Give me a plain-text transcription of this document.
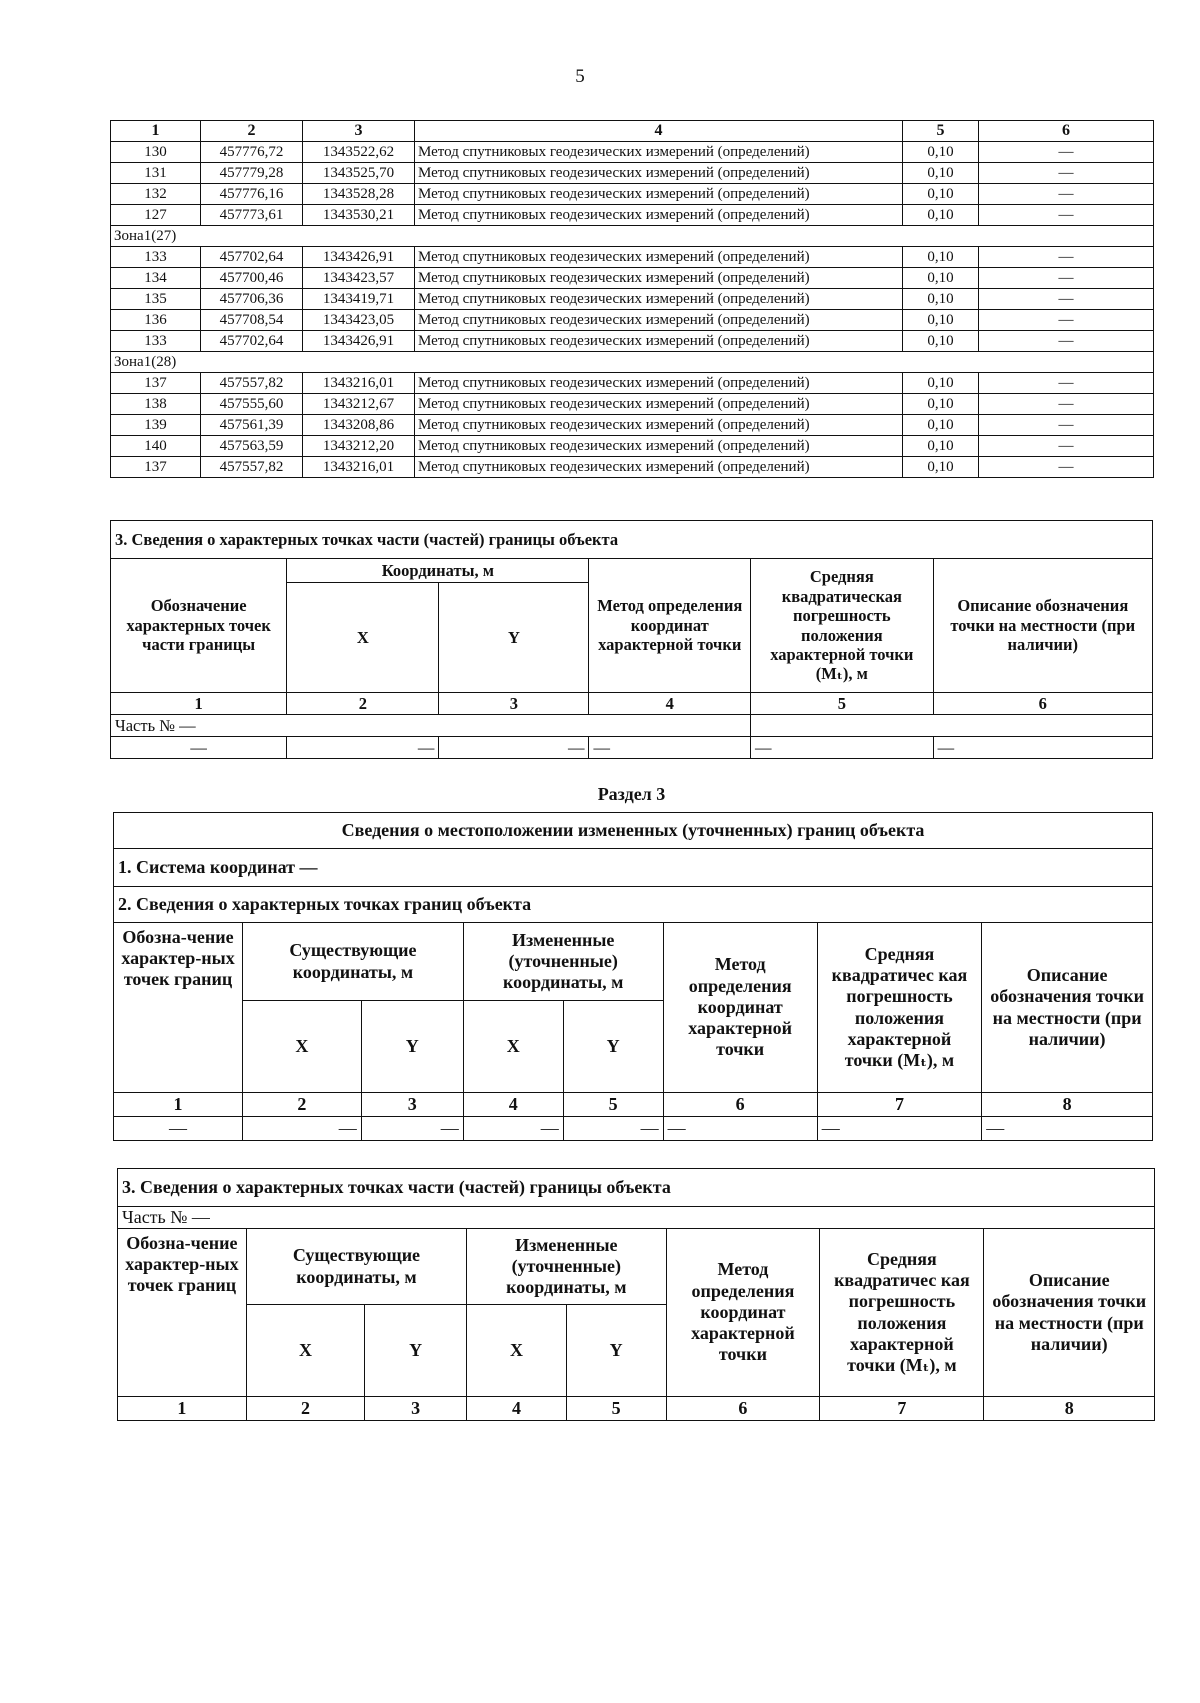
5
1	2	3	4	5	6
130	457776,72	1343522,62	Метод спутниковых геодезических измерений (определений)	0,10	—
131	457779,28	1343525,70	Метод спутниковых геодезических измерений (определений)	0,10	—
132	457776,16	1343528,28	Метод спутниковых геодезических измерений (определений)	0,10	—
127	457773,61	1343530,21	Метод спутниковых геодезических измерений (определений)	0,10	—
Зона1(27)					
133	457702,64	1343426,91	Метод спутниковых геодезических измерений (определений)	0,10	—
134	457700,46	1343423,57	Метод спутниковых геодезических измерений (определений)	0,10	—
135	457706,36	1343419,71	Метод спутниковых геодезических измерений (определений)	0,10	—
136	457708,54	1343423,05	Метод спутниковых геодезических измерений (определений)	0,10	—
133	457702,64	1343426,91	Метод спутниковых геодезических измерений (определений)	0,10	—
Зона1(28)					
137	457557,82	1343216,01	Метод спутниковых геодезических измерений (определений)	0,10	—
138	457555,60	1343212,67	Метод спутниковых геодезических измерений (определений)	0,10	—
139	457561,39	1343208,86	Метод спутниковых геодезических измерений (определений)	0,10	—
140	457563,59	1343212,20	Метод спутниковых геодезических измерений (определений)	0,10	—
137	457557,82	1343216,01	Метод спутниковых геодезических измерений (определений)	0,10	—
3. Сведения о характерных точках части (частей) границы объекта					
Обозначение характерных точек части границы	Координаты, м		Метод определения координат характерной точки	Средняя квадратическая погрешность положения характерной точки (Mₜ), м	Описание обозначения точки на местности (при наличии)
	X	Y			
1	2	3	4	5	6
Часть № —					
—	—	—	—	—	—
Раздел 3
Сведения о местоположении измененных (уточненных) границ объекта							
1. Система координат —							
2. Сведения о характерных точках границ объекта							
Обозна-чение характер-ных точек границ	Существующие координаты, м		Измененные (уточненные) координаты, м		Метод определения координат характерной точки	Средняя квадратичес кая погрешность положения характерной точки (Mₜ), м	Описание обозначения точки на местности (при наличии)
	X	Y	X	Y			
1	2	3	4	5	6	7	8
—	—	—	—	—	—	—	—
3. Сведения о характерных точках части (частей) границы объекта							
Часть № —							
Обозна-чение характер-ных точек границ	Существующие координаты, м		Измененные (уточненные) координаты, м		Метод определения координат характерной точки	Средняя квадратичес кая погрешность положения характерной точки (Mₜ), м	Описание обозначения точки на местности (при наличии)
	X	Y	X	Y			
1	2	3	4	5	6	7	8
